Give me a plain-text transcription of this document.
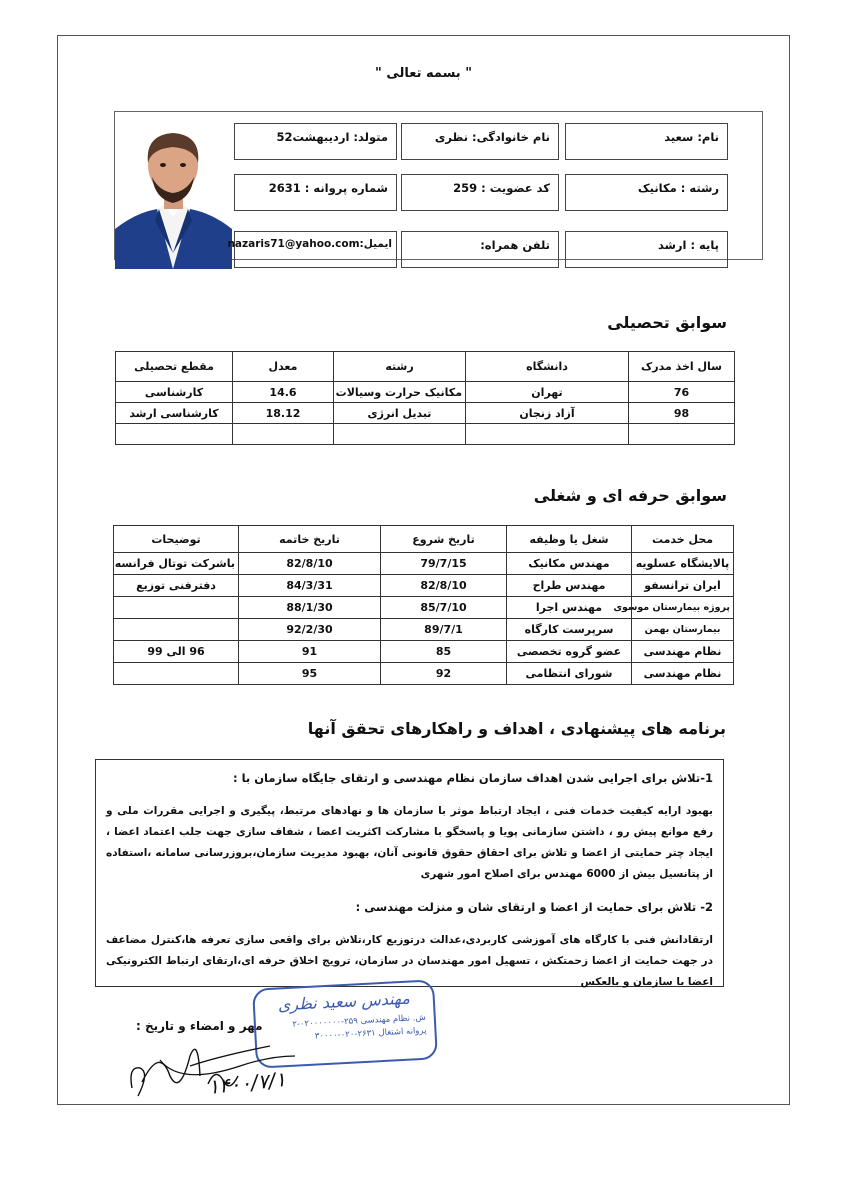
" بسمه تعالی "
نام: سعید
نام خانوادگی: نظری
متولد: اردیبهشت52
رشته : مکانیک
کد عضویت : 259
شماره پروانه : 2631
پایه : ارشد
تلفن همراه:
ایمیل:nazaris71@yahoo.com
سوابق تحصیلی
سال اخذ مدرک	دانشگاه	رشته	معدل	مقطع تحصیلی
76	تهران	مکانیک حرارت وسیالات	14.6	کارشناسی
98	آزاد زنجان	تبدیل انرژی	18.12	کارشناسی ارشد

سوابق حرفه ای و شغلی
محل خدمت	شغل یا وظیفه	تاریخ شروع	تاریخ خاتمه	توضیحات
پالایشگاه عسلویه	مهندس مکانیک	79/7/15	82/8/10	باشرکت توتال فرانسه
ایران ترانسفو	مهندس طراح	82/8/10	84/3/31	دفترفنی توزیع
پروژه بیمارستان موسوی	مهندس اجرا	85/7/10	88/1/30	
بیمارستان بهمن	سرپرست کارگاه	89/7/1	92/2/30	
نظام مهندسی	عضو گروه تخصصی	85	91	96 الی 99
نظام مهندسی	شورای انتظامی	92	95	
برنامه های پیشنهادی ، اهداف و راهکارهای تحقق آنها
1-تلاش برای اجرایی شدن اهداف سازمان نظام مهندسی و ارتقای جایگاه سازمان با :

بهبود ارایه کیفیت خدمات فنی ، ایجاد ارتباط موثر با سازمان ها و نهادهای مرتبط، پیگیری و اجرایی مقررات ملی و رفع موانع پیش رو ، داشتن سازمانی پویا و پاسخگو با مشارکت اکثریت اعضا ، شفاف سازی جهت جلب اعتماد اعضا ، ایجاد چتر حمایتی از اعضا و تلاش برای احقاق حقوق قانونی آنان، بهبود مدیریت سازمان،بروزرسانی سامانه ،استفاده از پتانسیل بیش از 6000 مهندس برای اصلاح امور شهری

2- تلاش برای حمایت از اعضا و ارتقای شان و منزلت مهندسی :

ارتقادانش فنی با کارگاه های آموزشی کاربردی،عدالت درتوزیع کار،تلاش برای واقعی سازی تعرفه ها،کنترل مضاعف در جهت حمایت از اعضا زحمتکش ، تسهیل امور مهندسان در سازمان، ترویج اخلاق حرفه ای،ارتقای ارتباط الکترونیکی اعضا با سازمان و بالعکس

مهر و امضاء و تاریخ :
مهندس سعید نظری
ش. نظام مهندسی ۲۵۹-۰۲۰۰۰۰۰۰۰-۲
پروانه اشتغال ۲۶۳۱-۰۲۰-۳۰۰۰۰
۱۴۰۰/۷/۱
